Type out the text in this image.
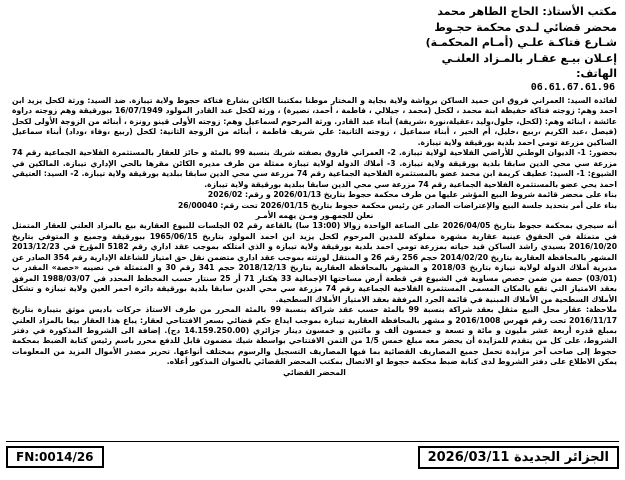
مكتب الأستاذ: الحاج الطاهر محمد
محضر قضائي لـدى محكمة حجـوط
شـارع فتاكـة علـي (أمـام المحكمـة)
إعـلان بيـع عقـار بالمـزاد العلنـي
الهاتف:
06.61.67.61.96

لفائدة السيد: العمراني فروق ابن حميد الساكن برواشة ولاية بجاية و المختار موطنا بمكتبنا الكائن بشارع فتاكة حجوط ولاية تيبازة. ضد السيد: ورثة لكحل يزيد ابن احمد وهم: زوجته فتاكة حفيظة ابنة محمد ، لكحل (محمد ، جيلالي ، فاطمة ، أحمد، نصيرة) ، ورثة لكحل عبد القادر المولود 16/07/1949 ببورقيقة وهم زوجته دراوة عائشة ، ابنائه وهم: (لكحل، جلول،وليد ،عقيلة،نورة ،شريفة) أبناء عبد القادر. ورثة المرحوم لسماعيل وهم: زوجته الأولى قينو رونزة ، أبنائه من الزوجة الأولى لكحل (فيصل ،عبد الكريم ،ربيع ،خليل، أم الخير ، أبناء سماعيل ، زوجته الثانية: علي شريف فاطمة ، أبنائه من الزوجة الثانية: لكحل (ربيع ،وفاء ،وداد) أبناء سماعيل الساكين مزرعة تومي احمد بلدية بورقيقة ولاية تيبازة.

بحضور: 1- الديوان الوطني للأراضي الفلاحية لولاية تيبازة. 2- العمراني فاروق بصفته شريك بنسبة 99 بالمئة و حائز للعقار بالمستثمرة الفلاحية الجماعية رقم 74 مزرعة سي محي الدين سابقا بلدية بورقيقة ولاية تيبازة. 3- أملاك الدولة لولاية تيبازة ممثلة من طرف مديره الكائن مقرها بالحي الإداري تيبازة. المالكين في الشيوع: 1- السيد: عطيف كريمة ابن محمد عضو بالمستثمرة الفلاحية الجماعية رقم 74 مزرعة سي محي الدين سابقا ببلدية بورقيقة ولاية تيبازة. 2- السيد: العتيقي احمد يحي عضو بالمستثمرة الفلاحية الجماعية رقم 74 مزرعة سي محي الدين سابقا ببلدية بورقيقة ولاية تيبازة.

بناء على محضر قائمة شروط البيع المؤشر عليها من طرف محكمة حجوط بتاريخ 2026/01/13 و رقم: 2026/02

بناء على أمر بتحديد جلسة البيع والإعتراضات الصادر عن رئيس محكمة حجوط بتاريخ 2026/01/15 تحت رقم: 26/00040

نعلن للجمهـور ومـن يهمه الأمـر

أنه سيجري بمحكمة حجوط بتاريخ 2026/04/05 على الساعة الواحدة زوالا (13:00 سا) بالقاعة رقم 02 الجلسات للبيوع العقارية بيع بالمزاد العلني للعقار المتمثل في متمثلة في الحقوق عينية عقارية مشهرة مملوكة للمدين المرحوم لكحل يزيد ابن احمد المولود بتاريخ 1965/06/15 ببورقيقة وجميع و المتوفي بتاريخ 2016/10/20 بسيدي راشد الساكن قيد حياته بمزرعة تومي احمد بلدية بورقيقة ولاية تيبازة و الذي امتلكه بموجب عقد اداري رقم 5182 المؤرخ في 2013/12/23 المشهر بالمحافظة العقارية بتاريخ 2014/02/20 حجم 256 رقم 26 و المنتقل لورثته بموجب عقد اداري متضمن نقل حق امتياز للشاغلة الإدارية رقم 354 الصادر عن مديرية أملاك الدولة لولاية تيبازة بتاريخ 2018/03 و المشهر بالمحافظة العقارية بتاريخ 2018/12/13 حجم 341 رقم 30 و المتمثلة في نصيبه «حصة» المقدر ب (03/01) حصة من ضمن حصص مساوية في الشيوع في قطعة أرض مساحتها الإجمالية 33 هكتار 71 أر 25 سنتار حسب المخطط المحدد في 1988/03/07 المرفق بعقد الامتياز التي تقع بالمكان المسمى المستثمرة الفلاحية الجماعية رقم 74 مزرعة سي محي الدين سابقا بلدية بورقيقة دائرة احمر العين ولاية تيبازة و تشكل الأملاك السطحية من الأملاك المبنية في قائمة الجرد المرفقة بعقد الامتياز الأملاك السطحية.

ملاحظة: عقار محل البيع مثقل بعقد شراكة بنسبة 99 بالمئة حسب عقد شراكة بنسبة 99 بالمئة المحرر من طرف الاستاذ حركات باديس موثق بتيبازة بتاريخ 2016/11/17 تحت رقم فهرس 2016/1008 و مشهر بالمحافظة العقارية تيبازة بموجب ايداع حكم قضائي بسعر الافتتاحي لعقار: يباع هذا العقار بيعا بالمزاد العلني بمبلغ قدره أربعة عشر مليون و مائة و تسعة و خمسون ألف و مائتين و خمسون دينار جزائري (14.159.250.00 دج). إضافة الى الشروط المذكورة في دفتر الشروط، على كل من يتقدم للمزايدة أن يحضر معه مبلغ خمس 1/5 من الثمن الافتتاحي بواسطة شيك مضمون قابل للدفع محرر باسم رئيس كتابة الضبط بمحكمة حجوط إلى صاحب آخر مزايدة تحمل جميع المصاريف القضائية بما فيها المصاريف التسجيل والرسوم بمختلف أنواعها. تحرير مصدر الأموال المزيد من المعلومات يمكن الاطلاع على دفتر الشروط لدى كتابة ضبط محكمة حجوط او الاتصال بمكتب المحضر القضائي بالعنوان المذكور أعلاه.

المحضر القضائي

FN:0014/26	الجزائر الجديدة 2026/03/11
